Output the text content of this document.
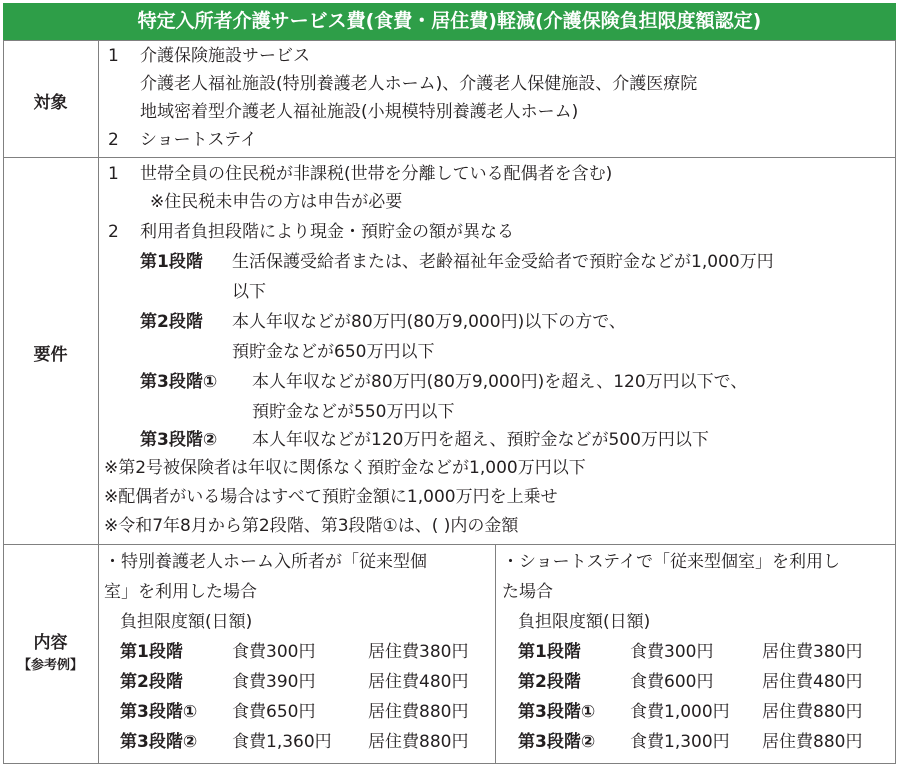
特定入所者介護サービス費(食費・居住費)軽減(介護保険負担限度額認定)
対象
1 介護保険施設サービス
介護老人福祉施設(特別養護老人ホーム)、介護老人保健施設、介護医療院
地域密着型介護老人福祉施設(小規模特別養護老人ホーム)
2 ショートステイ
要件
1 世帯全員の住民税が非課税(世帯を分離している配偶者を含む)
※住民税未申告の方は申告が必要
2 利用者負担段階により現金・預貯金の額が異なる
第1段階 生活保護受給者または、老齢福祉年金受給者で預貯金などが1,000万円
以下
第2段階 本人年収などが80万円(80万9,000円)以下の方で、
預貯金などが650万円以下
第3段階① 本人年収などが80万円(80万9,000円)を超え、120万円以下で、
預貯金などが550万円以下
第3段階② 本人年収などが120万円を超え、預貯金などが500万円以下
※第2号被保険者は年収に関係なく預貯金などが1,000万円以下
※配偶者がいる場合はすべて預貯金額に1,000万円を上乗せ
※令和7年8月から第2段階、第3段階①は、( )内の金額
内容
【参考例】
・特別養護老人ホーム入所者が「従来型個
室」を利用した場合
負担限度額(日額)
第1段階	食費300円	居住費380円
第2段階	食費390円	居住費480円
第3段階① 食費650円	居住費880円
第3段階② 食費1,360円 居住費880円
・ショートステイで「従来型個室」を利用し
た場合
負担限度額(日額)
第1段階	食費300円	居住費380円
第2段階	食費600円	居住費480円
第3段階① 食費1,000円 居住費880円
第3段階② 食費1,300円 居住費880円
